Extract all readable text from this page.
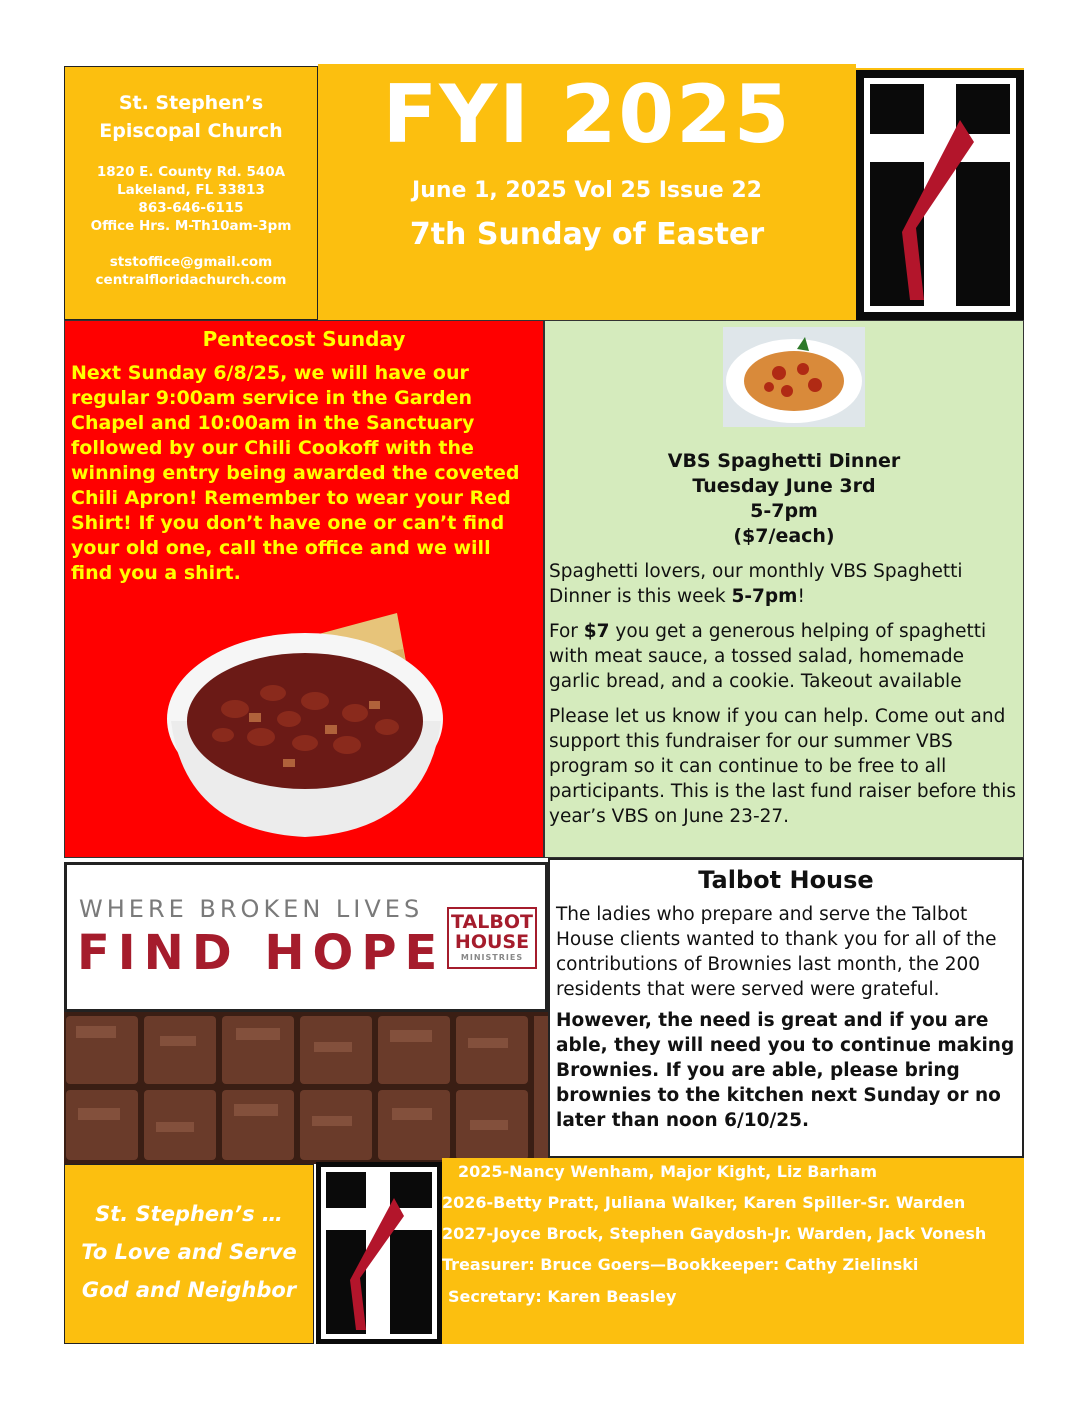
St. Stephen’s
Episcopal Church
1820 E. County Rd. 540A
Lakeland, FL 33813
863-646-6115
Office Hrs. M-Th10am-3pm
ststoffice@gmail.com
centralfloridachurch.com
FYI 2025
June 1, 2025 Vol 25 Issue 22
7th Sunday of Easter
Pentecost Sunday
Next Sunday 6/8/25, we will have our regular 9:00am service in the Garden Chapel and 10:00am in the Sanctuary followed by our Chili Cookoff with the winning entry being awarded the coveted Chili Apron! Remember to wear your Red Shirt! If you don’t have one or can’t find your old one, call the office and we will find you a shirt.
VBS Spaghetti Dinner
Tuesday June 3rd
5-7pm
($7/each)

Spaghetti lovers, our monthly VBS Spaghetti Dinner is this week 5-7pm!

For $7 you get a generous helping of spaghetti with meat sauce, a tossed salad, homemade garlic bread, and a cookie. Takeout available

Please let us know if you can help. Come out and support this fundraiser for our summer VBS program so it can continue to be free to all participants. This is the last fund raiser before this year’s VBS on June 23-27.

WHERE BROKEN LIVES
FIND HOPE
TALBOT
HOUSE
MINISTRIES
Talbot House
The ladies who prepare and serve the Talbot House clients wanted to thank you for all of the contributions of Brownies last month, the 200 residents that were served were grateful.
However, the need is great and if you are able, they will need you to continue making Brownies. If you are able, please bring brownies to the kitchen next Sunday or no later than noon 6/10/25.
St. Stephen’s …
To Love and Serve
God and Neighbor
2025-Nancy Wenham, Major Kight, Liz Barham
2026-Betty Pratt, Juliana Walker, Karen Spiller-Sr. Warden
2027-Joyce Brock, Stephen Gaydosh-Jr. Warden, Jack Vonesh
Treasurer: Bruce Goers—Bookkeeper: Cathy Zielinski
Secretary: Karen Beasley
